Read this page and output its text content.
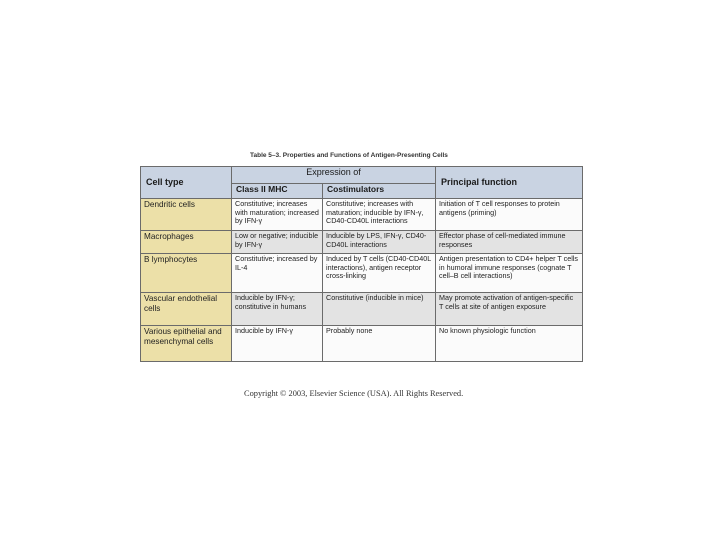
Table 5–3. Properties and Functions of Antigen-Presenting Cells
Cell type	Expression of		Principal function
	Class II MHC	Costimulators	
Dendritic cells	Constitutive; increases with maturation; increased by IFN-γ	Constitutive; increases with maturation; inducible by IFN-γ, CD40-CD40L interactions	Initiation of T cell responses to protein antigens (priming)
Macrophages	Low or negative; inducible by IFN-γ	Inducible by LPS, IFN-γ, CD40-CD40L interactions	Effector phase of cell-mediated immune responses
B lymphocytes	Constitutive; increased by IL-4	Induced by T cells (CD40-CD40L interactions), antigen receptor cross-linking	Antigen presentation to CD4+ helper T cells in humoral immune responses (cognate T cell–B cell interactions)
Vascular endothelial cells	Inducible by IFN-γ; constitutive in humans	Constitutive (inducible in mice)	May promote activation of antigen-specific T cells at site of antigen exposure
Various epithelial and mesenchymal cells	Inducible by IFN-γ	Probably none	No known physiologic function
Copyright © 2003, Elsevier Science (USA). All Rights Reserved.
